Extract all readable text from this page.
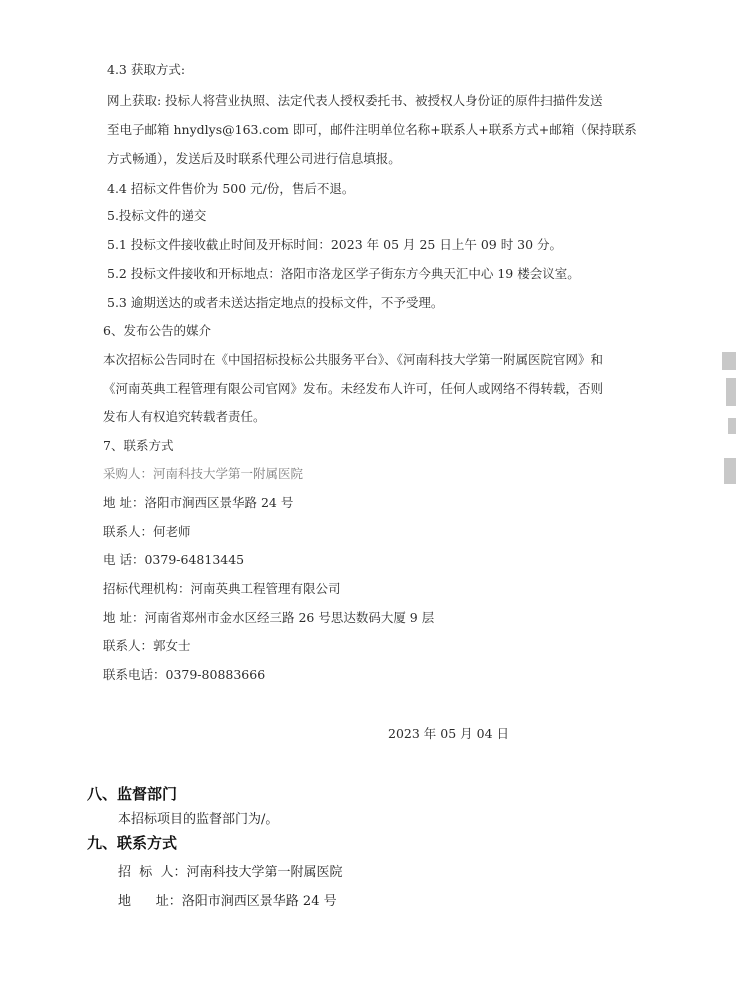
4.3 获取方式:
网上获取: 投标人将营业执照、法定代表人授权委托书、被授权人身份证的原件扫描件发送
至电子邮箱 hnydlys@163.com 即可，邮件注明单位名称+联系人+联系方式+邮箱（保持联系
方式畅通），发送后及时联系代理公司进行信息填报。
4.4 招标文件售价为 500 元/份，售后不退。
5.投标文件的递交
5.1 投标文件接收截止时间及开标时间：2023 年 05 月 25 日上午 09 时 30 分。
5.2 投标文件接收和开标地点：洛阳市洛龙区学子街东方今典天汇中心 19 楼会议室。
5.3 逾期送达的或者未送达指定地点的投标文件，不予受理。
6、发布公告的媒介
本次招标公告同时在《中国招标投标公共服务平台》、《河南科技大学第一附属医院官网》和
《河南英典工程管理有限公司官网》发布。未经发布人许可，任何人或网络不得转载，否则
发布人有权追究转载者责任。
7、联系方式
采购人：河南科技大学第一附属医院
地 址：洛阳市涧西区景华路 24 号
联系人：何老师
电 话：0379-64813445
招标代理机构：河南英典工程管理有限公司
地 址：河南省郑州市金水区经三路 26 号思达数码大厦 9 层
联系人：郭女士
联系电话：0379-80883666
2023 年 05 月 04 日
八、监督部门
本招标项目的监督部门为/。
九、联系方式
招  标  人：河南科技大学第一附属医院
地      址：洛阳市涧西区景华路 24 号
